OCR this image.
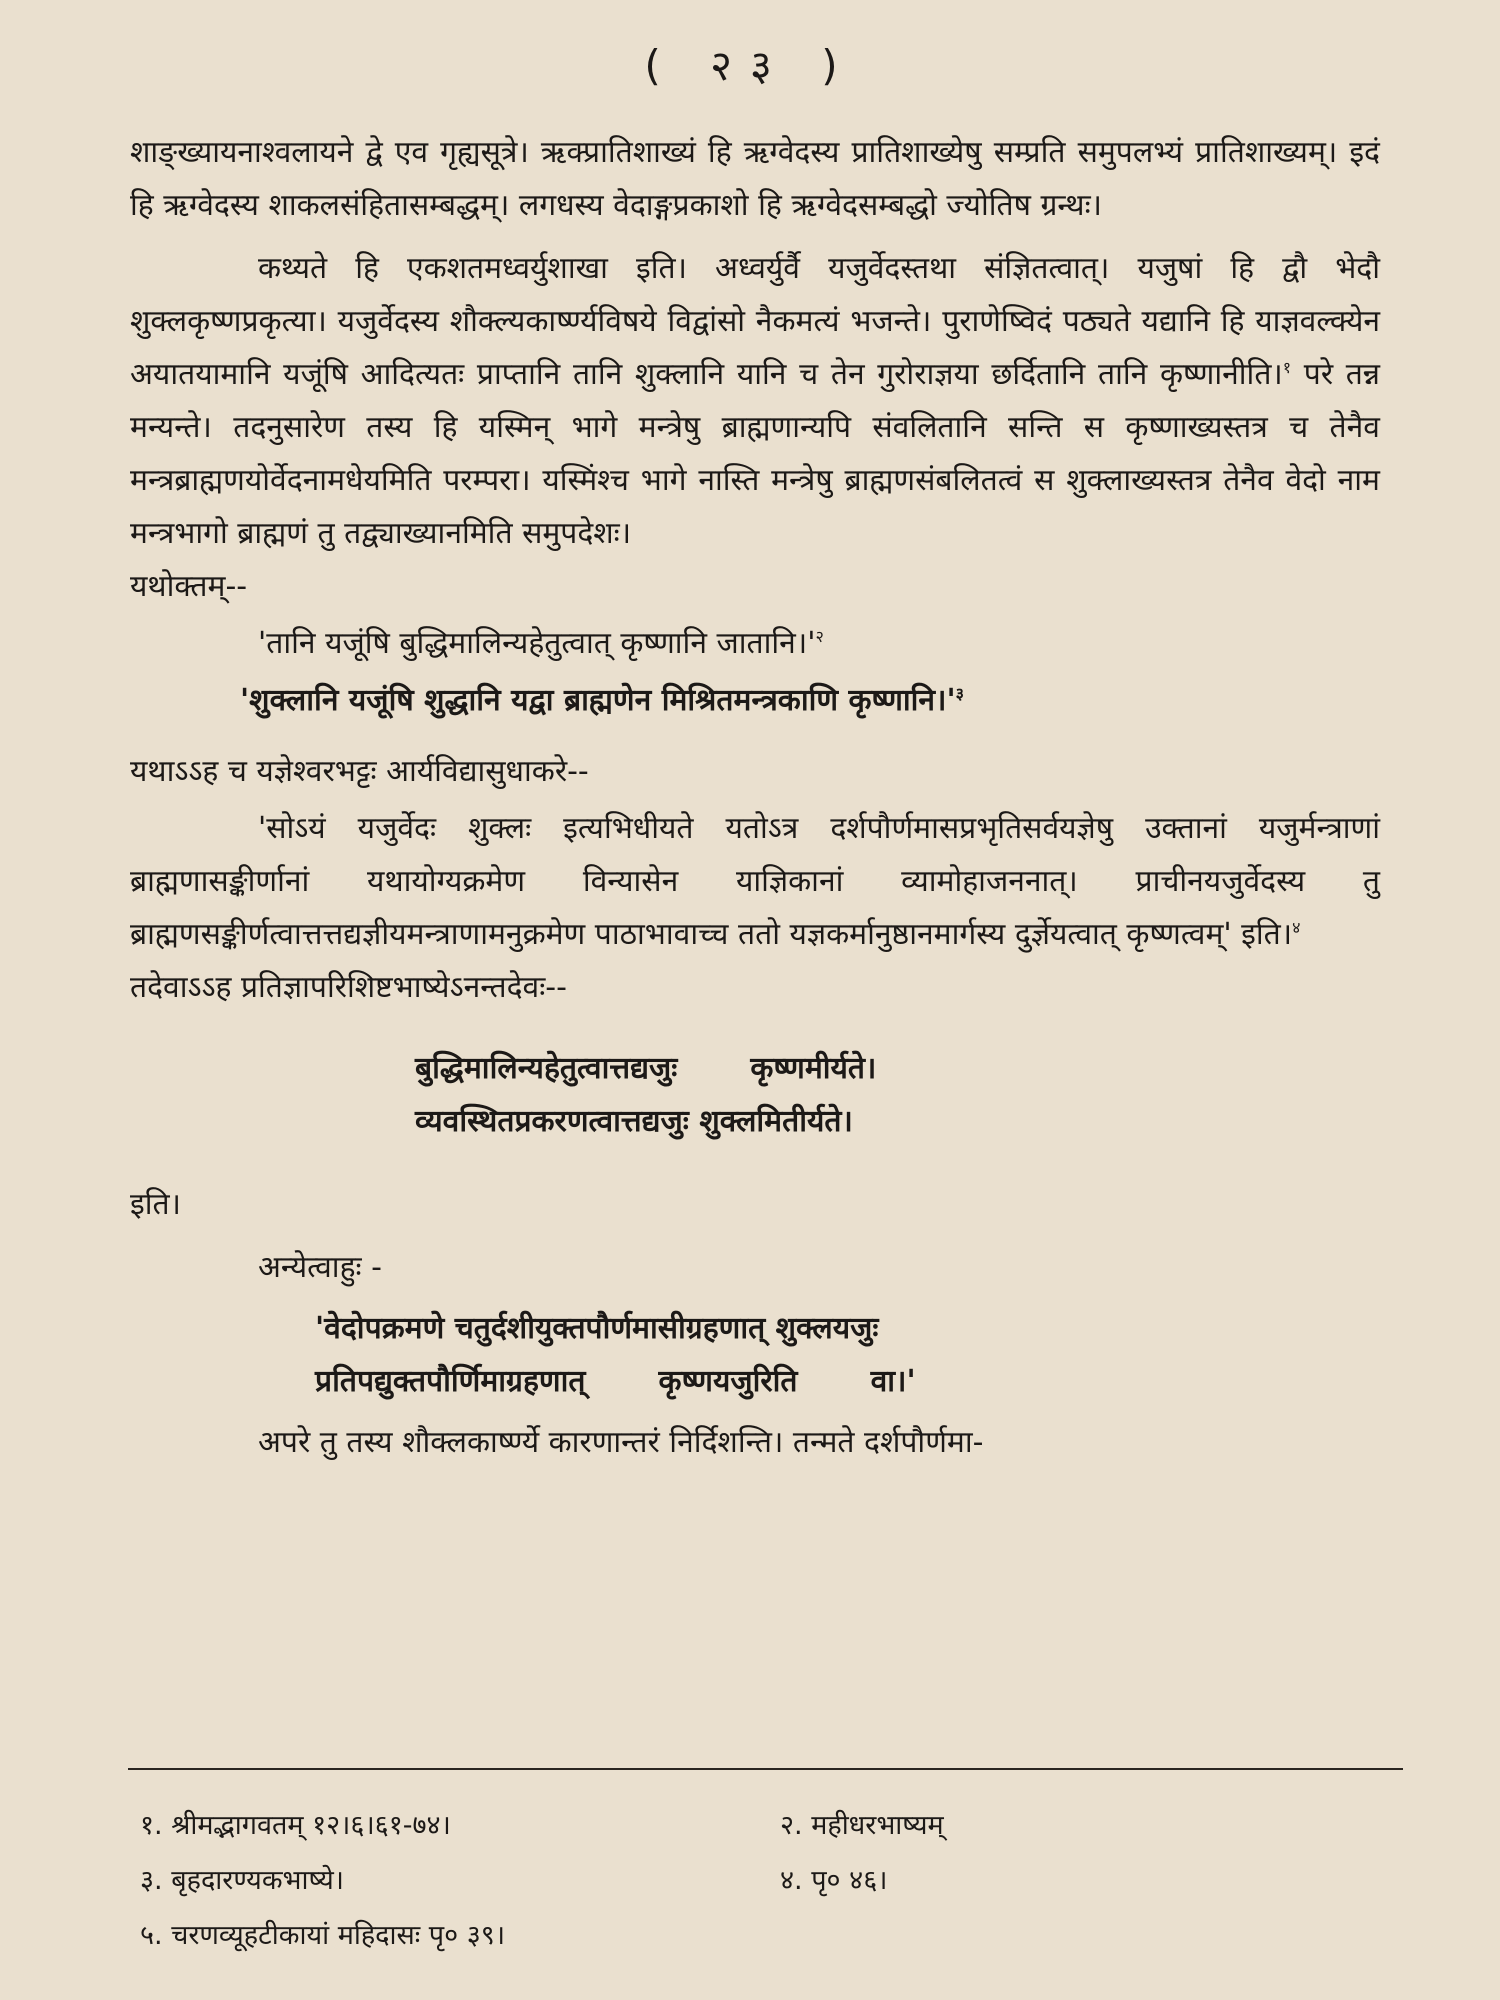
( २३ )

शाङ्ख्यायनाश्वलायने द्वे एव गृह्यसूत्रे। ऋक्प्रातिशाख्यं हि ऋग्वेदस्य प्रातिशाख्येषु सम्प्रति समुपलभ्यं प्रातिशाख्यम्। इदं हि ऋग्वेदस्य शाकलसंहितासम्बद्धम्। लगधस्य वेदाङ्गप्रकाशो हि ऋग्वेदसम्बद्धो ज्योतिष ग्रन्थः।

कथ्यते हि एकशतमध्वर्युशाखा इति। अध्वर्युर्वै यजुर्वेदस्तथा संज्ञितत्वात्। यजुषां हि द्वौ भेदौ शुक्लकृष्णप्रकृत्या। यजुर्वेदस्य शौक्ल्यकार्ष्ण्यविषये विद्वांसो नैकमत्यं भजन्ते। पुराणेष्विदं पठ्यते यद्यानि हि याज्ञवल्क्येन अयातयामानि यजूंषि आदित्यतः प्राप्तानि तानि शुक्लानि यानि च तेन गुरोराज्ञया छर्दितानि तानि कृष्णानीति।$^१$ परे तन्न मन्यन्ते। तदनुसारेण तस्य हि यस्मिन् भागे मन्त्रेषु ब्राह्मणान्यपि संवलितानि सन्ति स कृष्णाख्यस्तत्र च तेनैव मन्त्रब्राह्मणयोर्वेदनामधेयमिति परम्परा। यस्मिंश्च भागे नास्ति मन्त्रेषु ब्राह्मणसंबलितत्वं स शुक्लाख्यस्तत्र तेनैव वेदो नाम मन्त्रभागो ब्राह्मणं तु तद्व्याख्यानमिति समुपदेशः।

यथोक्तम्--

'तानि यजूंषि बुद्धिमालिन्यहेतुत्वात् कृष्णानि $जातानि।'^२$

'शुक्लानि यजूंषि शुद्धानि यद्वा ब्राह्मणेन मिश्रितमन्त्रकाणि $कृष्णानि।'^३$

यथाऽऽह च यज्ञेश्वरभट्टः आर्यविद्यासुधाकरे--

'सोऽयं यजुर्वेदः शुक्लः इत्यभिधीयते यतोऽत्र दर्शपौर्णमासप्रभृतिसर्वयज्ञेषु उक्तानां यजुर्मन्त्राणां ब्राह्मणासङ्कीर्णानां यथायोग्यक्रमेण विन्यासेन याज्ञिकानां व्यामोहाजननात्। प्राचीनयजुर्वेदस्य तु ब्राह्मणसङ्कीर्णत्वात्तत्तद्यज्ञीयमन्त्राणामनुक्रमेण पाठाभावाच्च ततो यज्ञकर्मानुष्ठानमार्गस्य दुर्ज्ञेयत्वात् कृष्णत्वम्' इति।$^४$

तदेवाऽऽह प्रतिज्ञापरिशिष्टभाष्येऽनन्तदेवः--

बुद्धिमालिन्यहेतुत्वात्तद्यजुः       कृष्णमीर्यते।

व्यवस्थितप्रकरणत्वात्तद्यजुः शुक्लमितीर्यते।

इति।

अन्येत्वाहुः -

'वेदोपक्रमणे चतुर्दशीयुक्तपौर्णमासीग्रहणात् शुक्लयजुः

प्रतिपद्युक्तपौर्णिमाग्रहणात्       कृष्णयजुरिति       वा।'

अपरे तु तस्य शौक्लकार्ष्ण्ये कारणान्तरं निर्दिशन्ति। तन्मते दर्शपौर्णमा-

१. श्रीमद्भागवतम् १२।६।६१-७४।	२. महीधरभाष्यम्
३. बृहदारण्यकभाष्ये।	४. पृ० ४६।
५. चरणव्यूहटीकायां महिदासः पृ० ३९।
